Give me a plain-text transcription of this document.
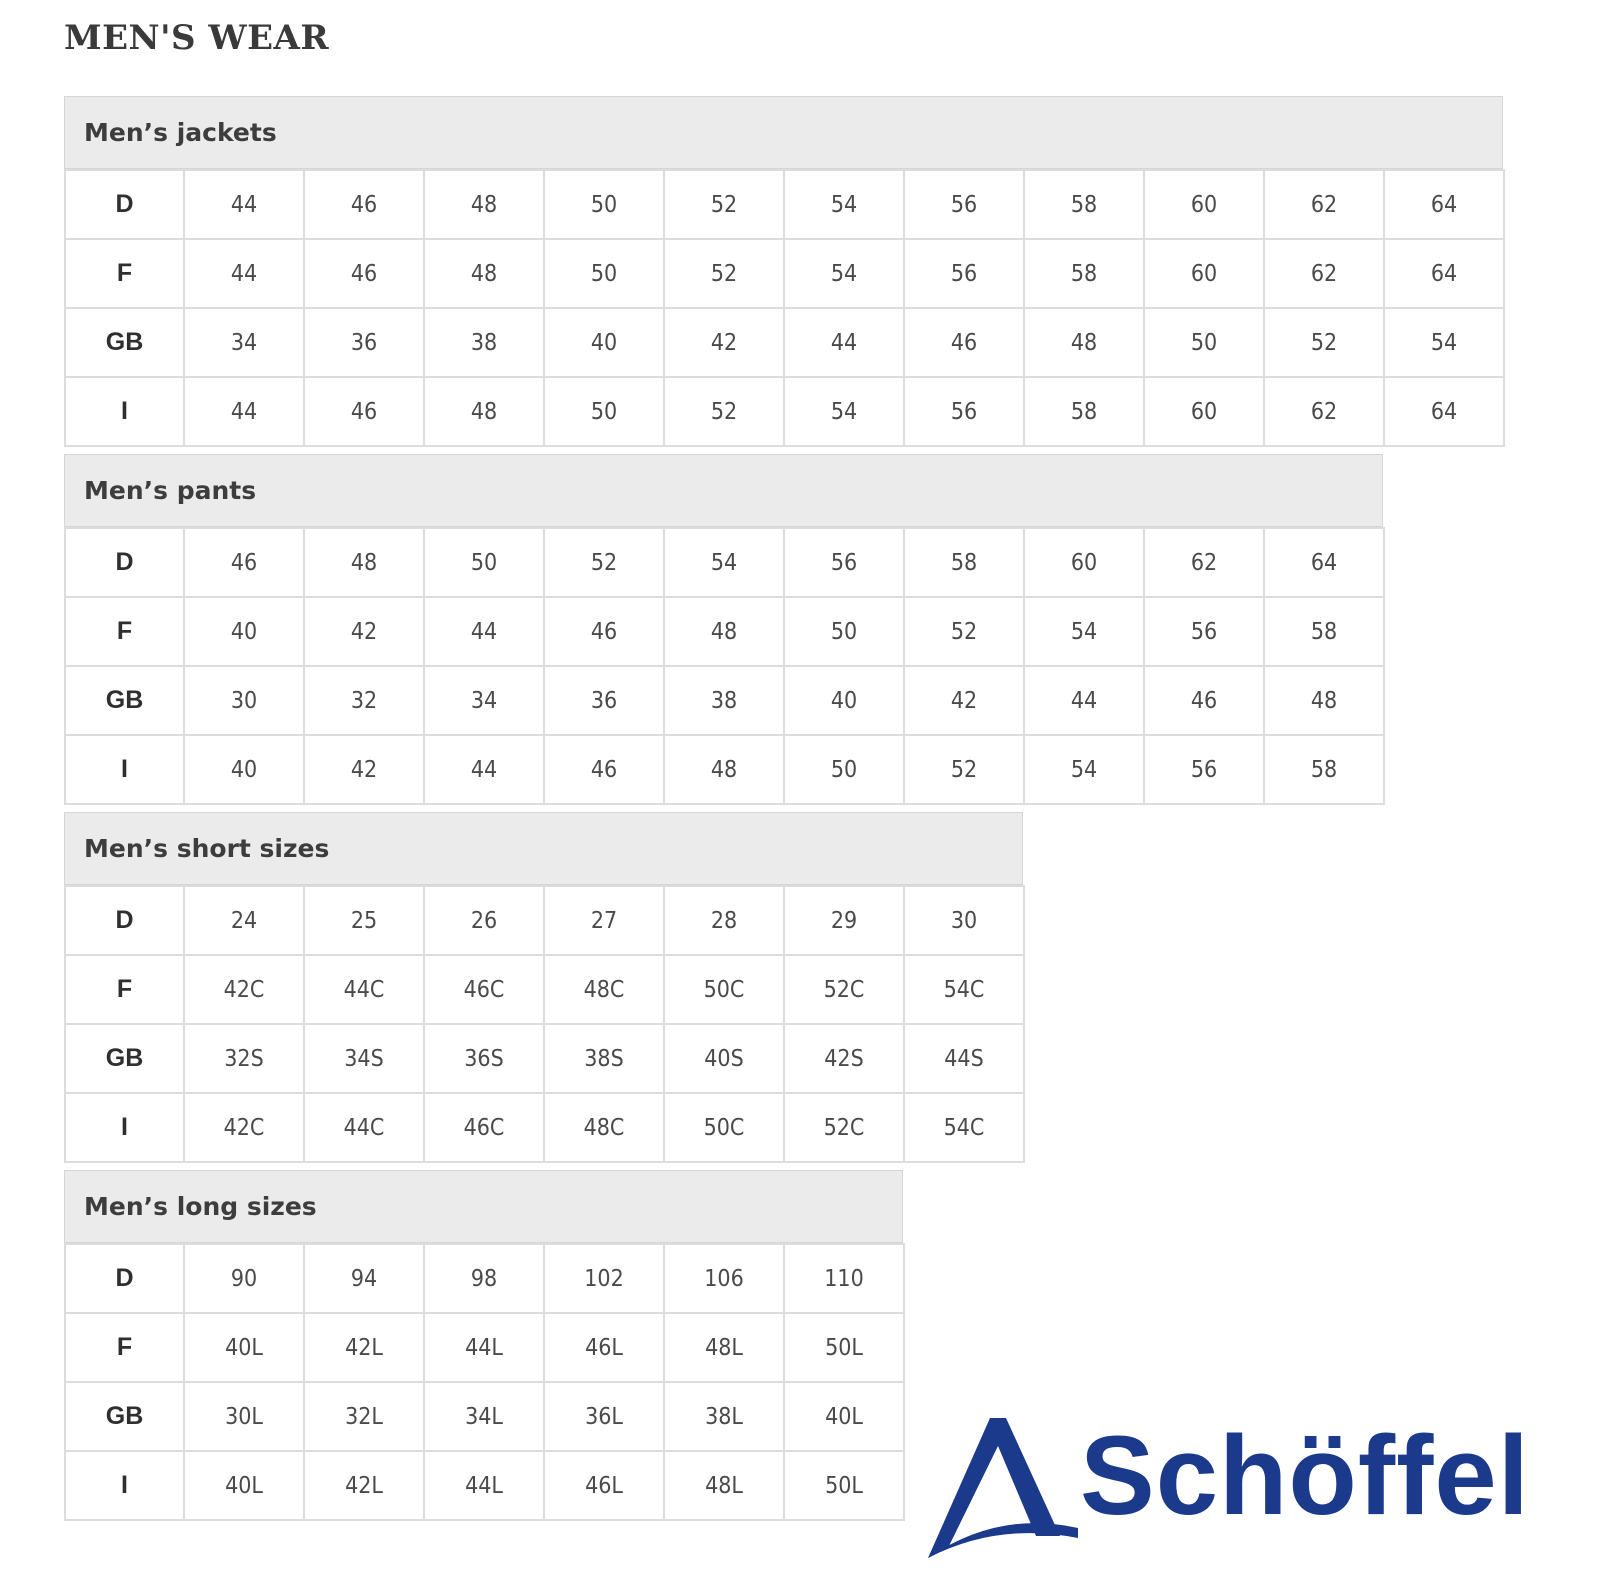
MEN'S WEAR
Men’s jackets
D	44	46	48	50	52	54	56	58	60	62	64
F	44	46	48	50	52	54	56	58	60	62	64
GB	34	36	38	40	42	44	46	48	50	52	54
I	44	46	48	50	52	54	56	58	60	62	64
Men’s pants
D	46	48	50	52	54	56	58	60	62	64
F	40	42	44	46	48	50	52	54	56	58
GB	30	32	34	36	38	40	42	44	46	48
I	40	42	44	46	48	50	52	54	56	58
Men’s short sizes
D	24	25	26	27	28	29	30
F	42C	44C	46C	48C	50C	52C	54C
GB	32S	34S	36S	38S	40S	42S	44S
I	42C	44C	46C	48C	50C	52C	54C
Men’s long sizes
D	90	94	98	102	106	110
F	40L	42L	44L	46L	48L	50L
GB	30L	32L	34L	36L	38L	40L
I	40L	42L	44L	46L	48L	50L Schöffel
